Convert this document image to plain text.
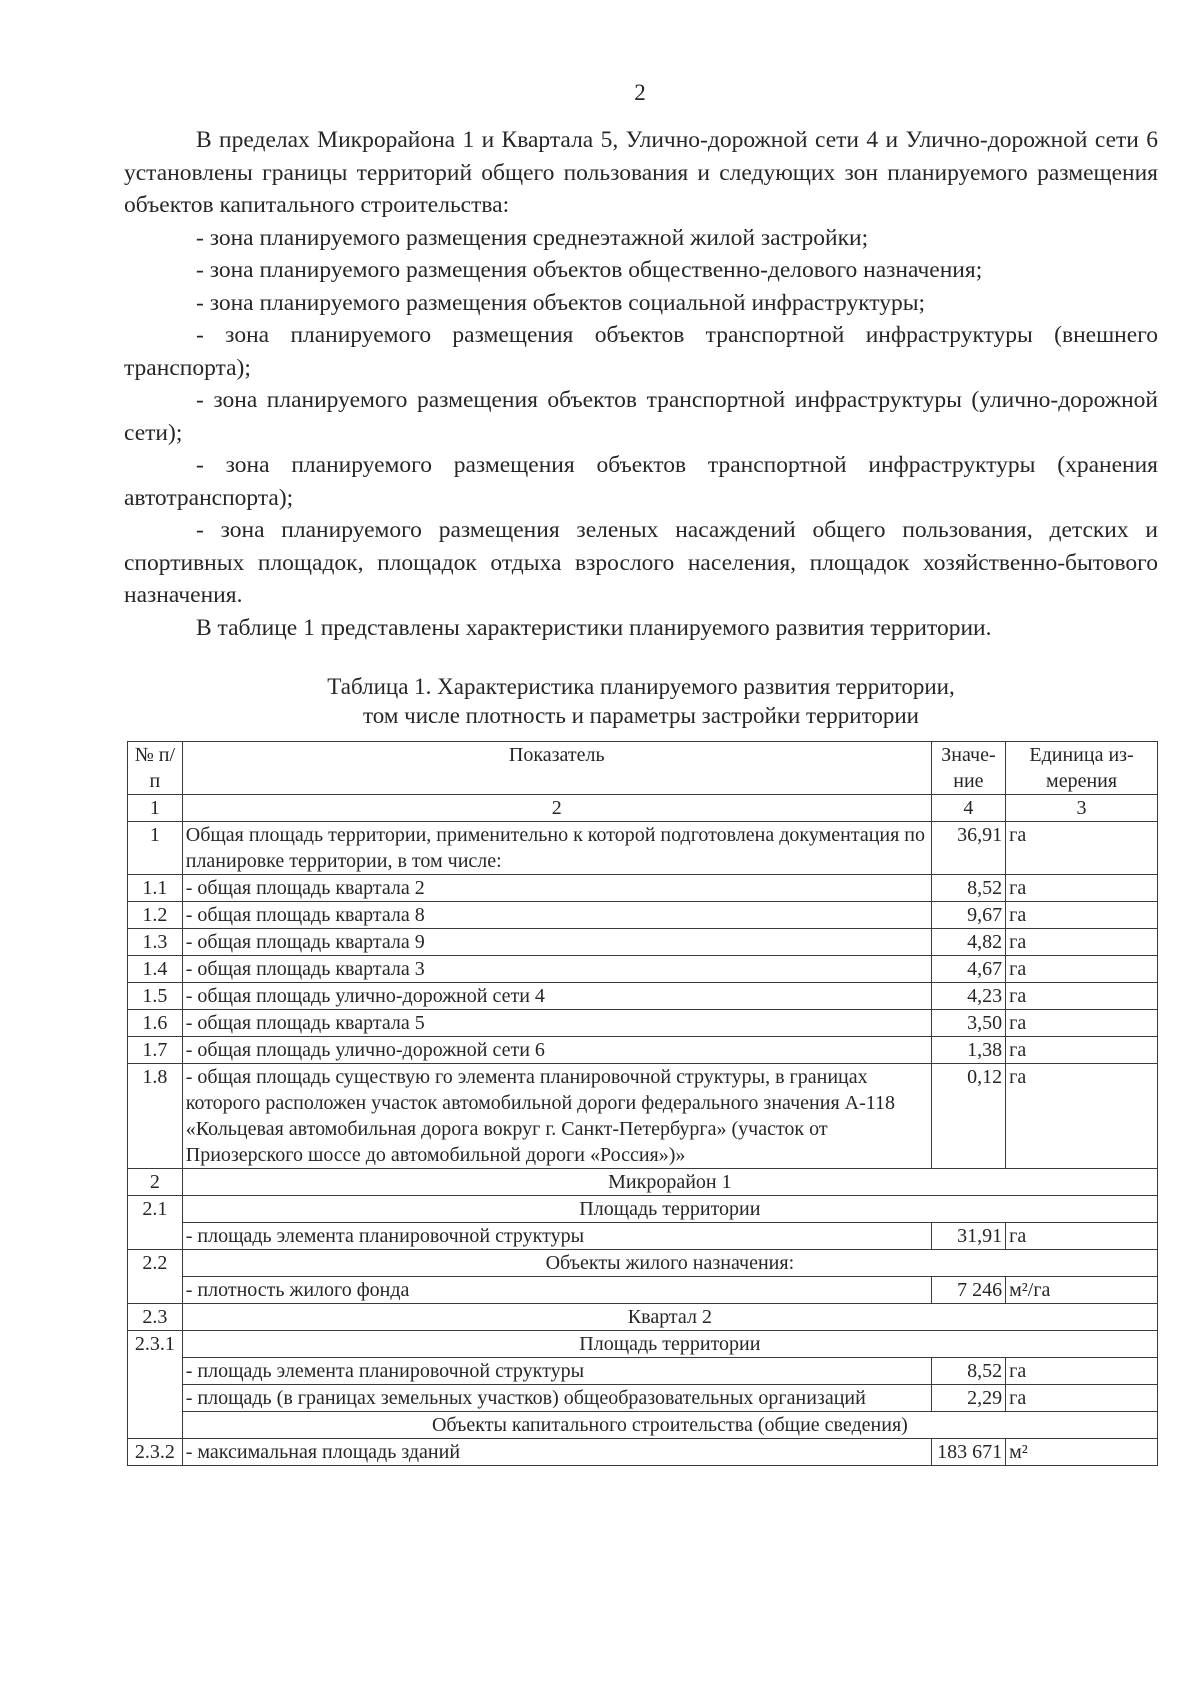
2

В пределах Микрорайона 1 и Квартала 5, Улично-дорожной сети 4 и Улично-дорожной сети 6 установлены границы территорий общего пользования и следующих зон планируемого размещения объектов капитального строительства:

- зона планируемого размещения среднеэтажной жилой застройки;

- зона планируемого размещения объектов общественно-делового назначения;

- зона планируемого размещения объектов социальной инфраструктуры;

- зона планируемого размещения объектов транспортной инфраструктуры (внешнего транспорта);

- зона планируемого размещения объектов транспортной инфраструктуры (улично-дорожной сети);

- зона планируемого размещения объектов транспортной инфраструктуры (хранения автотранспорта);

- зона планируемого размещения зеленых насаждений общего пользования, детских и спортивных площадок, площадок отдыха взрослого населения, площадок хозяйственно-бытового назначения.

В таблице 1 представлены характеристики планируемого развития территории.

Таблица 1. Характеристика планируемого развития территории,
том числе плотность и параметры застройки территории
№ п/п	Показатель	Значе-ние	Единица из-мерения
1	2	4	3
1	Общая площадь территории, применительно к которой подготовлена документация по планировке территории, в том числе:	36,91	га
1.1	- общая площадь квартала 2	8,52	га
1.2	- общая площадь квартала 8	9,67	га
1.3	- общая площадь квартала 9	4,82	га
1.4	- общая площадь квартала 3	4,67	га
1.5	- общая площадь улично-дорожной сети 4	4,23	га
1.6	- общая площадь квартала 5	3,50	га
1.7	- общая площадь улично-дорожной сети 6	1,38	га
1.8	- общая площадь существую го элемента планировочной структуры, в границах которого расположен участок автомобильной дороги федерального значения А-118 «Кольцевая автомобильная дорога вокруг г. Санкт-Петербурга» (участок от Приозерского шоссе до автомобильной дороги «Россия»)»	0,12	га
2	Микрорайон 1		
2.1	Площадь территории		
	- площадь элемента планировочной структуры	31,91	га
2.2	Объекты жилого назначения:		
	- плотность жилого фонда	7 246	м²/га
2.3	Квартал 2		
2.3.1	Площадь территории		
	- площадь элемента планировочной структуры	8,52	га
	- площадь (в границах земельных участков) общеобразовательных организаций	2,29	га
	Объекты капитального строительства (общие сведения)		
2.3.2	- максимальная площадь зданий	183 671	м²
